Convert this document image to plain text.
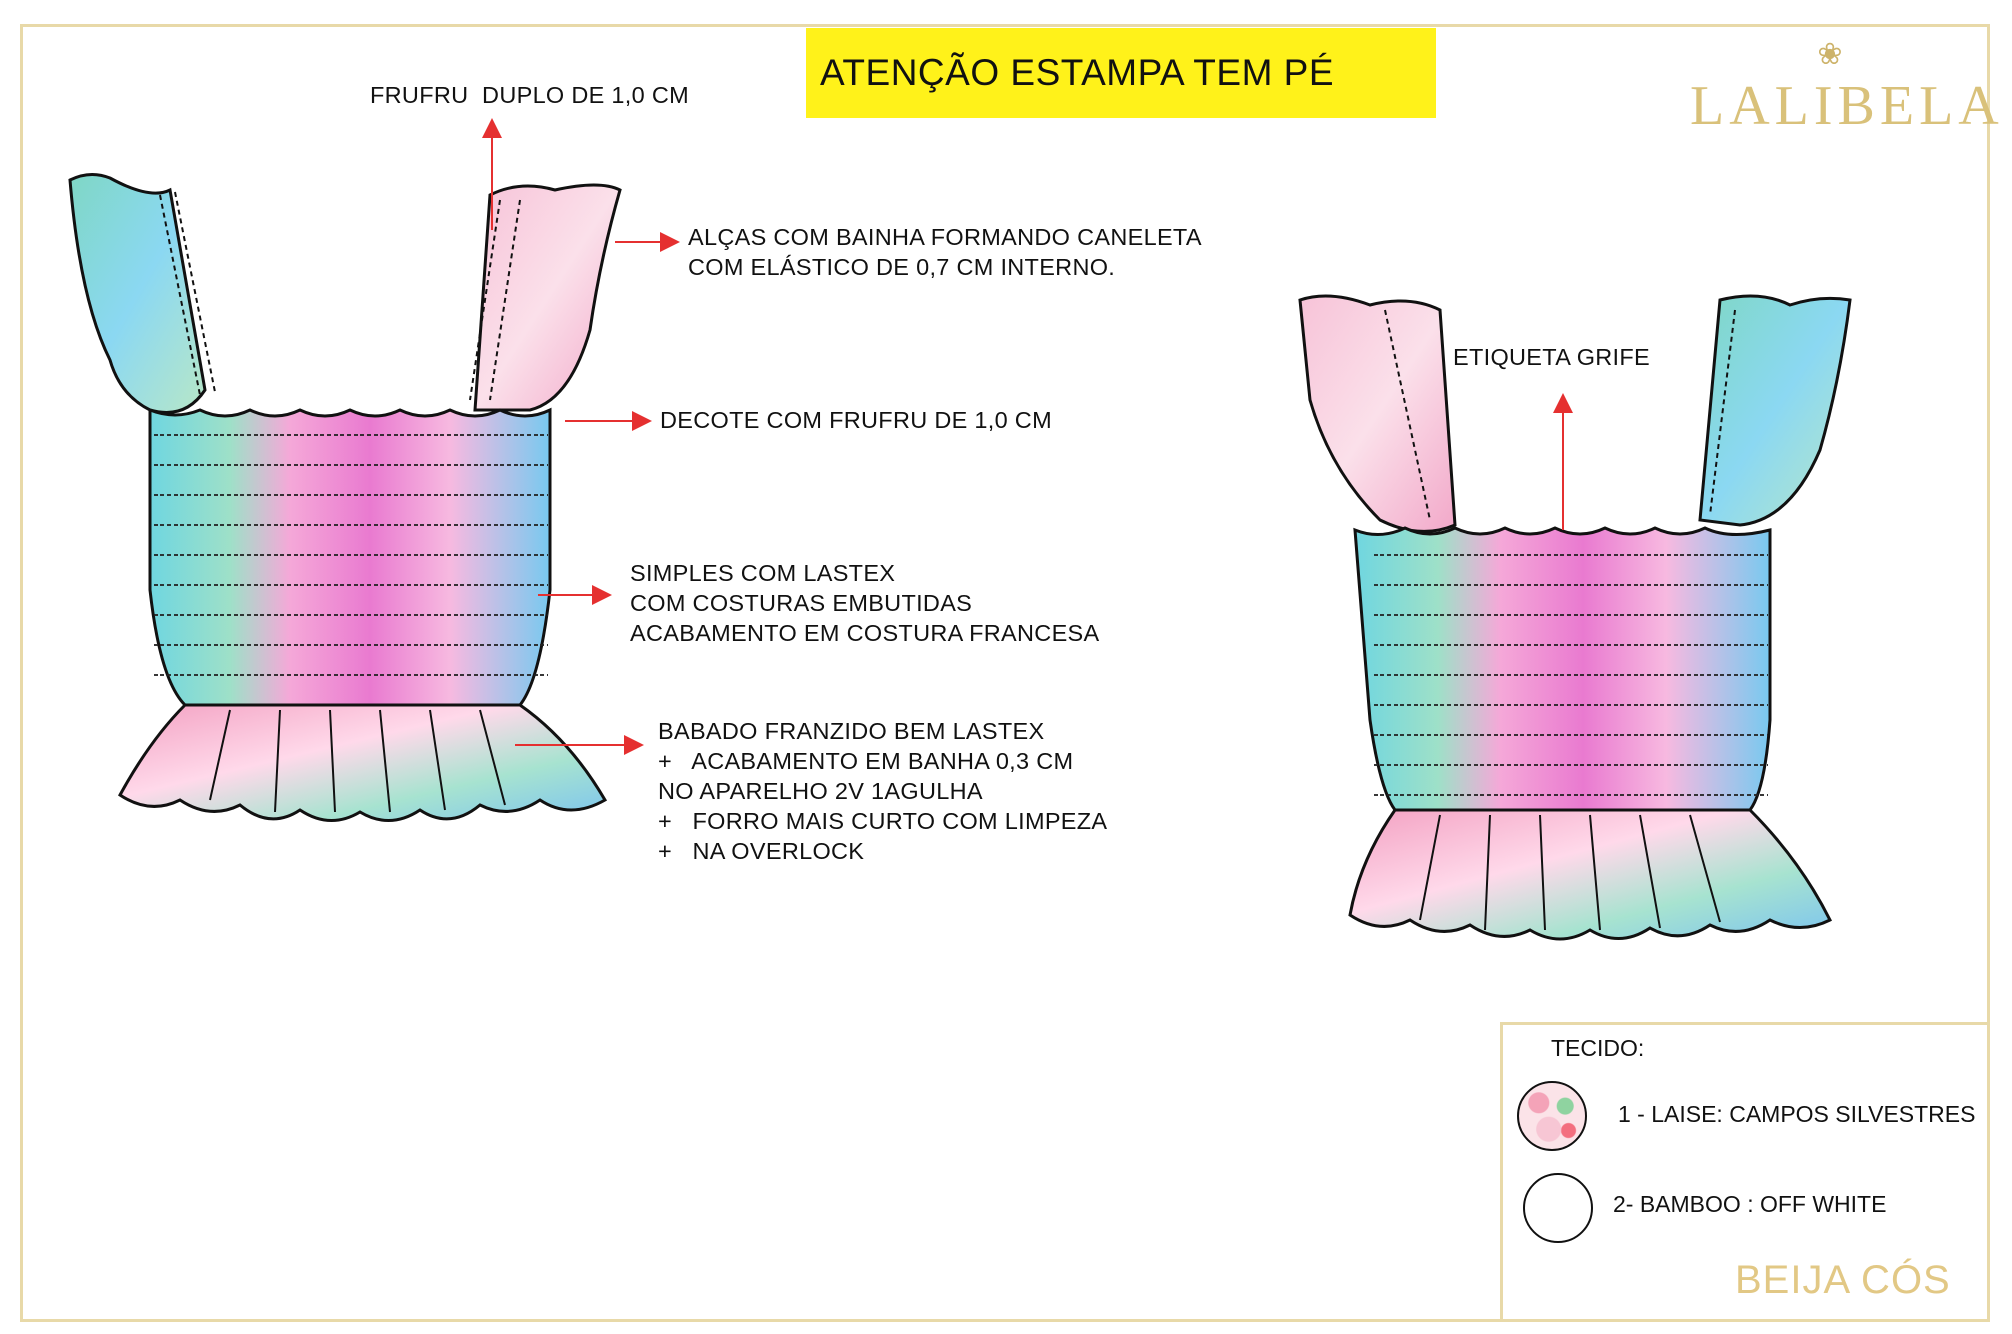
ATENÇÃO ESTAMPA TEM PÉ	❀
LALIBELA
FRUFRU  DUPLO DE 1,0 CM
ALÇAS COM BAINHA FORMANDO CANELETA
COM ELÁSTICO DE 0,7 CM INTERNO.
DECOTE COM FRUFRU DE 1,0 CM
SIMPLES COM LASTEX
COM COSTURAS EMBUTIDAS
ACABAMENTO EM COSTURA FRANCESA
BABADO FRANZIDO BEM LASTEX
+   ACABAMENTO EM BANHA 0,3 CM
NO APARELHO 2V 1AGULHA
+   FORRO MAIS CURTO COM LIMPEZA
+   NA OVERLOCK
ETIQUETA GRIFE
TECIDO:
1 - LAISE: CAMPOS SILVESTRES
2- BAMBOO : OFF WHITE
BEIJA CÓS
